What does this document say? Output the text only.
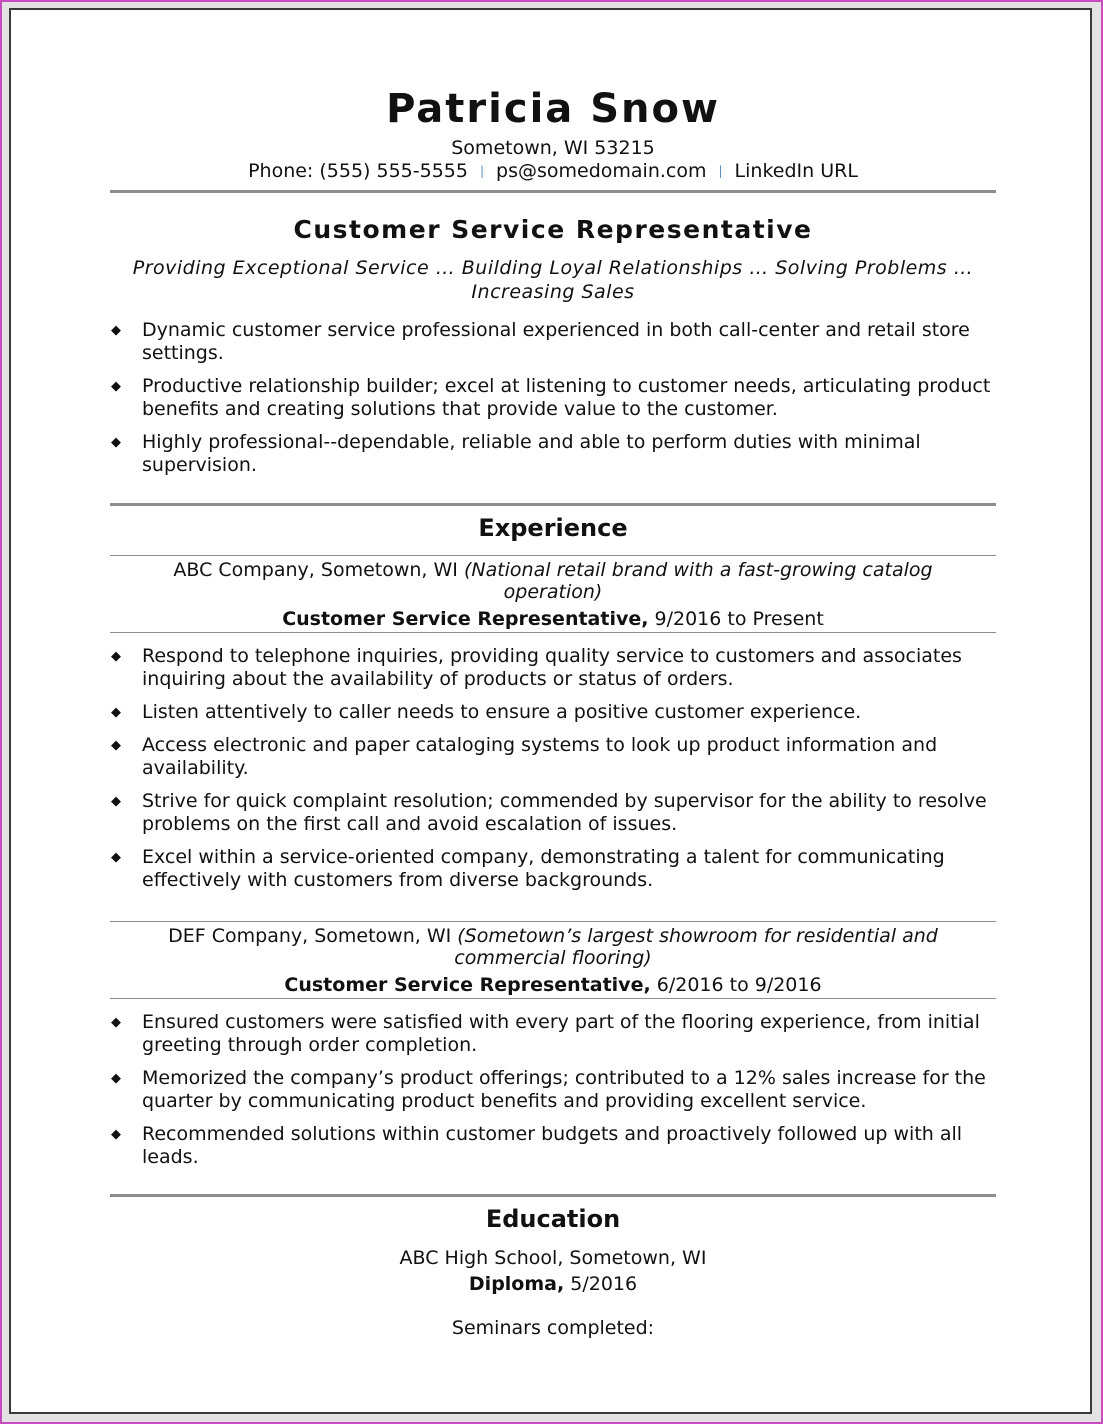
Patricia Snow
Sometown, WI 53215
Phone: (555) 555-5555 | ps@somedomain.com | LinkedIn URL
Customer Service Representative
Providing Exceptional Service … Building Loyal Relationships … Solving Problems …
Increasing Sales
◆ Dynamic customer service professional experienced in both call-center and retail store settings.
◆ Productive relationship builder; excel at listening to customer needs, articulating product benefits and creating solutions that provide value to the customer.
◆ Highly professional--dependable, reliable and able to perform duties with minimal supervision.
Experience
ABC Company, Sometown, WI (National retail brand with a fast-growing catalog
operation)
Customer Service Representative, 9/2016 to Present
◆ Respond to telephone inquiries, providing quality service to customers and associates inquiring about the availability of products or status of orders.
◆ Listen attentively to caller needs to ensure a positive customer experience.
◆ Access electronic and paper cataloging systems to look up product information and availability.
◆ Strive for quick complaint resolution; commended by supervisor for the ability to resolve problems on the first call and avoid escalation of issues.
◆ Excel within a service-oriented company, demonstrating a talent for communicating effectively with customers from diverse backgrounds.
DEF Company, Sometown, WI (Sometown’s largest showroom for residential and
commercial flooring)
Customer Service Representative, 6/2016 to 9/2016
◆ Ensured customers were satisfied with every part of the flooring experience, from initial greeting through order completion.
◆ Memorized the company’s product offerings; contributed to a 12% sales increase for the quarter by communicating product benefits and providing excellent service.
◆ Recommended solutions within customer budgets and proactively followed up with all leads.
Education
ABC High School, Sometown, WI
Diploma, 5/2016
Seminars completed:
